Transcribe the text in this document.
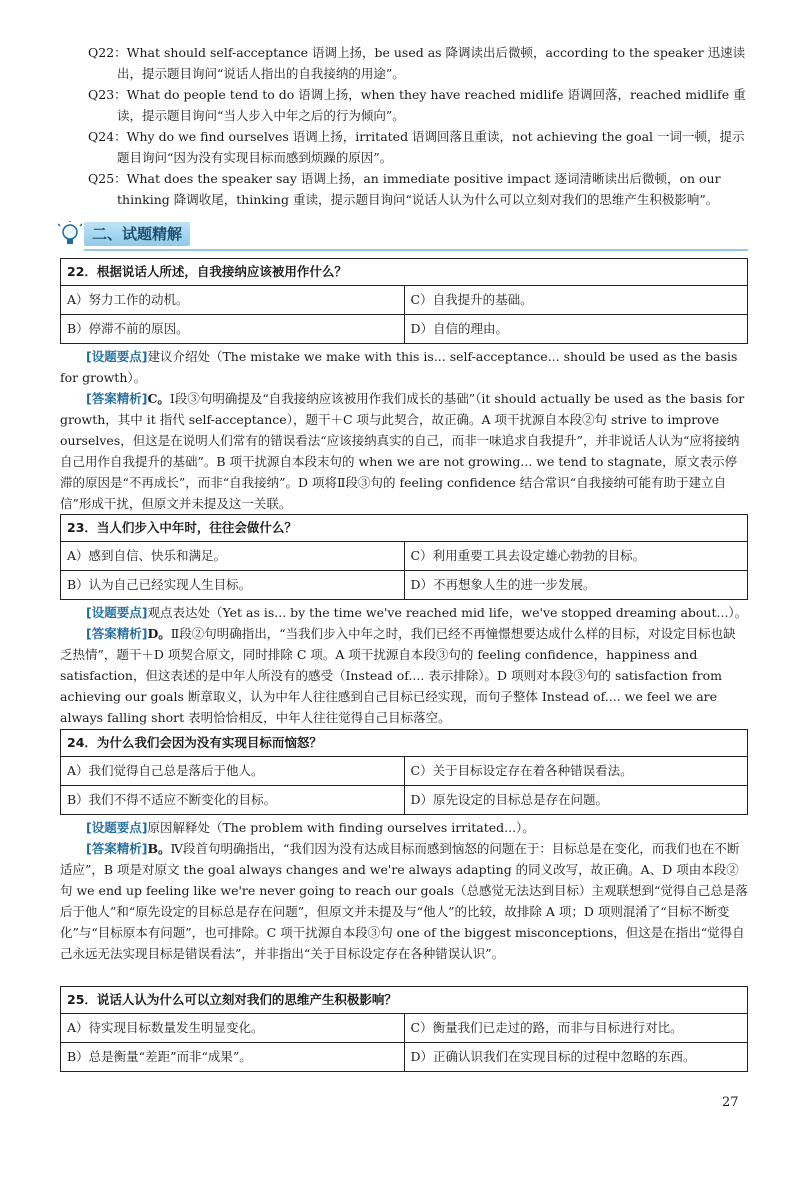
Q22：What should self-acceptance 语调上扬，be used as 降调读出后微顿，according to the speaker 迅速读出，提示题目询问“说话人指出的自我接纳的用途”。
Q23：What do people tend to do 语调上扬，when they have reached midlife 语调回落，reached midlife 重读，提示题目询问“当人步入中年之后的行为倾向”。
Q24：Why do we find ourselves 语调上扬，irritated 语调回落且重读，not achieving the goal 一词一顿，提示题目询问“因为没有实现目标而感到烦躁的原因”。
Q25：What does the speaker say 语调上扬，an immediate positive impact 逐词清晰读出后微顿，on our thinking 降调收尾，thinking 重读，提示题目询问“说话人认为什么可以立刻对我们的思维产生积极影响”。
二、试题精解
22．根据说话人所述，自我接纳应该被用作什么？
A）努力工作的动机。	C）自我提升的基础。
B）停滞不前的原因。	D）自信的理由。
[设题要点]建议介绍处（The mistake we make with this is... self-acceptance... should be used as the basis for growth）。
[答案精析]C。Ⅰ段③句明确提及“自我接纳应该被用作我们成长的基础”（it should actually be used as the basis for growth，其中 it 指代 self-acceptance），题干＋C 项与此契合，故正确。A 项干扰源自本段②句 strive to improve ourselves，但这是在说明人们常有的错误看法“应该接纳真实的自己，而非一味追求自我提升”，并非说话人认为“应将接纳自己用作自我提升的基础”。B 项干扰源自本段末句的 when we are not growing... we tend to stagnate，原文表示停滞的原因是“不再成长”，而非“自我接纳”。D 项将Ⅱ段③句的 feeling confidence 结合常识“自我接纳可能有助于建立自信”形成干扰，但原文并未提及这一关联。
23．当人们步入中年时，往往会做什么？
A）感到自信、快乐和满足。	C）利用重要工具去设定雄心勃勃的目标。
B）认为自己已经实现人生目标。	D）不再想象人生的进一步发展。
[设题要点]观点表达处（Yet as is... by the time we've reached mid life，we've stopped dreaming about...）。
[答案精析]D。Ⅱ段②句明确指出，“当我们步入中年之时，我们已经不再憧憬想要达成什么样的目标，对设定目标也缺乏热情”，题干＋D 项契合原文，同时排除 C 项。A 项干扰源自本段③句的 feeling confidence，happiness and satisfaction，但这表述的是中年人所没有的感受（Instead of.... 表示排除）。D 项则对本段③句的 satisfaction from achieving our goals 断章取义，认为中年人往往感到自己目标已经实现，而句子整体 Instead of.... we feel we are always falling short 表明恰恰相反，中年人往往觉得自己目标落空。
24．为什么我们会因为没有实现目标而恼怒？
A）我们觉得自己总是落后于他人。	C）关于目标设定存在着各种错误看法。
B）我们不得不适应不断变化的目标。	D）原先设定的目标总是存在问题。
[设题要点]原因解释处（The problem with finding ourselves irritated...）。
[答案精析]B。Ⅳ段首句明确指出，“我们因为没有达成目标而感到恼怒的问题在于：目标总是在变化，而我们也在不断适应”，B 项是对原文 the goal always changes and we're always adapting 的同义改写，故正确。A、D 项由本段②句 we end up feeling like we're never going to reach our goals（总感觉无法达到目标）主观联想到“觉得自己总是落后于他人”和“原先设定的目标总是存在问题”，但原文并未提及与“他人”的比较，故排除 A 项；D 项则混淆了“目标不断变化”与“目标原本有问题”，也可排除。C 项干扰源自本段③句 one of the biggest misconceptions，但这是在指出“觉得自己永远无法实现目标是错误看法”，并非指出“关于目标设定存在各种错误认识”。
25．说话人认为什么可以立刻对我们的思维产生积极影响？
A）待实现目标数量发生明显变化。	C）衡量我们已走过的路，而非与目标进行对比。
B）总是衡量“差距”而非“成果”。	D）正确认识我们在实现目标的过程中忽略的东西。
27
